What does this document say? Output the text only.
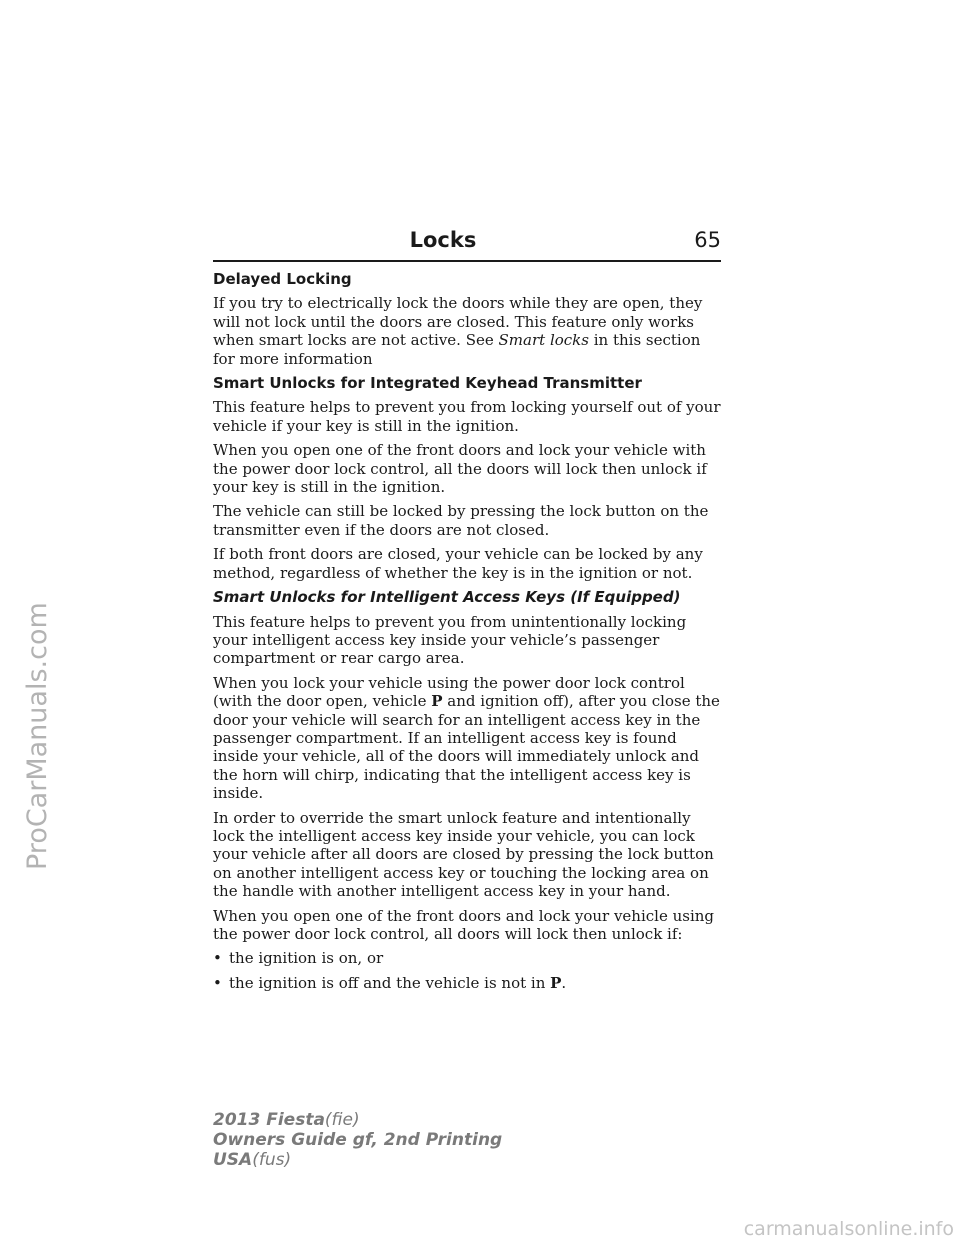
Locks	65
Delayed Locking

If you try to electrically lock the doors while they are open, they will not lock until the doors are closed. This feature only works when smart locks are not active. See Smart locks in this section for more information

Smart Unlocks for Integrated Keyhead Transmitter

This feature helps to prevent you from locking yourself out of your vehicle if your key is still in the ignition.

When you open one of the front doors and lock your vehicle with the power door lock control, all the doors will lock then unlock if your key is still in the ignition.

The vehicle can still be locked by pressing the lock button on the transmitter even if the doors are not closed.

If both front doors are closed, your vehicle can be locked by any method, regardless of whether the key is in the ignition or not.

Smart Unlocks for Intelligent Access Keys (If Equipped)

This feature helps to prevent you from unintentionally locking your intelligent access key inside your vehicle’s passenger compartment or rear cargo area.

When you lock your vehicle using the power door lock control (with the door open, vehicle P and ignition off), after you close the door your vehicle will search for an intelligent access key in the passenger compartment. If an intelligent access key is found inside your vehicle, all of the doors will immediately unlock and the horn will chirp, indicating that the intelligent access key is inside.

In order to override the smart unlock feature and intentionally lock the intelligent access key inside your vehicle, you can lock your vehicle after all doors are closed by pressing the lock button on another intelligent access key or touching the locking area on the handle with another intelligent access key in your hand.

When you open one of the front doors and lock your vehicle using the power door lock control, all doors will lock then unlock if:

• the ignition is on, or
• the ignition is off and the vehicle is not in P.
2013 Fiesta(fie)
Owners Guide gf, 2nd Printing
USA(fus)
ProCarManuals.com
carmanualsonline.info
